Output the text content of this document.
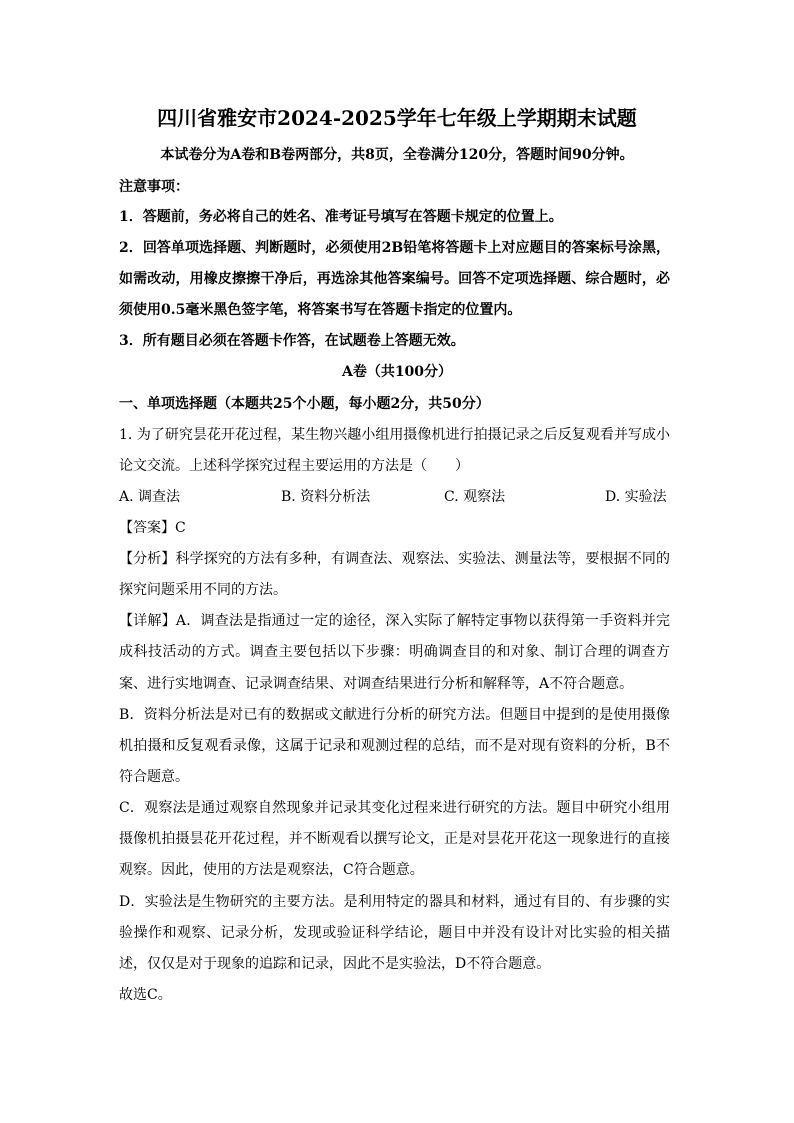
四川省雅安市2024-2025学年七年级上学期期末试题
本试卷分为A卷和B卷两部分，共8页，全卷满分120分，答题时间90分钟。
注意事项：
1．答题前，务必将自己的姓名、准考证号填写在答题卡规定的位置上。
2．回答单项选择题、判断题时，必须使用2B铅笔将答题卡上对应题目的答案标号涂黑，
如需改动，用橡皮擦擦干净后，再选涂其他答案编号。回答不定项选择题、综合题时，必
须使用0.5毫米黑色签字笔，将答案书写在答题卡指定的位置内。
3．所有题目必须在答题卡作答，在试题卷上答题无效。
A卷（共100分）
一、单项选择题（本题共25个小题，每小题2分，共50分）
1. 为了研究昙花开花过程，某生物兴趣小组用摄像机进行拍摄记录之后反复观看并写成小
论文交流。上述科学探究过程主要运用的方法是（　　）
A. 调查法	B. 资料分析法	C. 观察法	D. 实验法
【答案】C
【分析】科学探究的方法有多种，有调查法、观察法、实验法、测量法等，要根据不同的
探究问题采用不同的方法。
【详解】A．调查法是指通过一定的途径，深入实际了解特定事物以获得第一手资料并完
成科技活动的方式。调查主要包括以下步骤：明确调查目的和对象、制订合理的调查方
案、进行实地调查、记录调查结果、对调查结果进行分析和解释等，A不符合题意。
B．资料分析法是对已有的数据或文献进行分析的研究方法。但题目中提到的是使用摄像
机拍摄和反复观看录像，这属于记录和观测过程的总结，而不是对现有资料的分析，B不
符合题意。
C．观察法是通过观察自然现象并记录其变化过程来进行研究的方法。题目中研究小组用
摄像机拍摄昙花开花过程，并不断观看以撰写论文，正是对昙花开花这一现象进行的直接
观察。因此，使用的方法是观察法，C符合题意。
D．实验法是生物研究的主要方法。是利用特定的器具和材料，通过有目的、有步骤的实
验操作和观察、记录分析，发现或验证科学结论，题目中并没有设计对比实验的相关描
述，仅仅是对于现象的追踪和记录，因此不是实验法，D不符合题意。
故选C。
